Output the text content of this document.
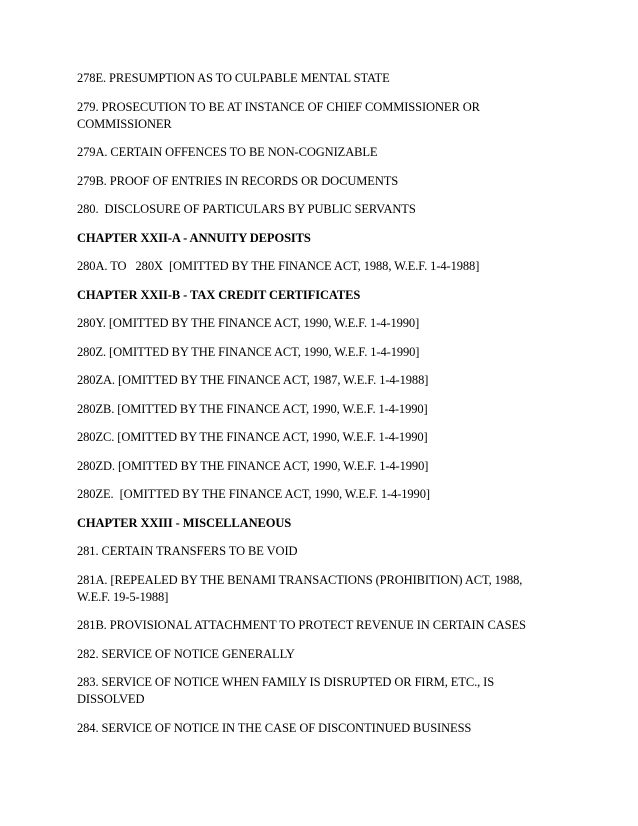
278E. PRESUMPTION AS TO CULPABLE MENTAL STATE

279. PROSECUTION TO BE AT INSTANCE OF CHIEF COMMISSIONER OR COMMISSIONER

279A. CERTAIN OFFENCES TO BE NON-COGNIZABLE

279B. PROOF OF ENTRIES IN RECORDS OR DOCUMENTS

280.  DISCLOSURE OF PARTICULARS BY PUBLIC SERVANTS

CHAPTER XXII-A - ANNUITY DEPOSITS

280A. TO   280X  [OMITTED BY THE FINANCE ACT, 1988, W.E.F. 1-4-1988]

CHAPTER XXII-B - TAX CREDIT CERTIFICATES

280Y. [OMITTED BY THE FINANCE ACT, 1990, W.E.F. 1-4-1990]

280Z. [OMITTED BY THE FINANCE ACT, 1990, W.E.F. 1-4-1990]

280ZA. [OMITTED BY THE FINANCE ACT, 1987, W.E.F. 1-4-1988]

280ZB. [OMITTED BY THE FINANCE ACT, 1990, W.E.F. 1-4-1990]

280ZC. [OMITTED BY THE FINANCE ACT, 1990, W.E.F. 1-4-1990]

280ZD. [OMITTED BY THE FINANCE ACT, 1990, W.E.F. 1-4-1990]

280ZE.  [OMITTED BY THE FINANCE ACT, 1990, W.E.F. 1-4-1990]

CHAPTER XXIII - MISCELLANEOUS

281. CERTAIN TRANSFERS TO BE VOID

281A. [REPEALED BY THE BENAMI TRANSACTIONS (PROHIBITION) ACT, 1988, W.E.F. 19-5-1988]

281B. PROVISIONAL ATTACHMENT TO PROTECT REVENUE IN CERTAIN CASES

282. SERVICE OF NOTICE GENERALLY

283. SERVICE OF NOTICE WHEN FAMILY IS DISRUPTED OR FIRM, ETC., IS DISSOLVED

284. SERVICE OF NOTICE IN THE CASE OF DISCONTINUED BUSINESS
